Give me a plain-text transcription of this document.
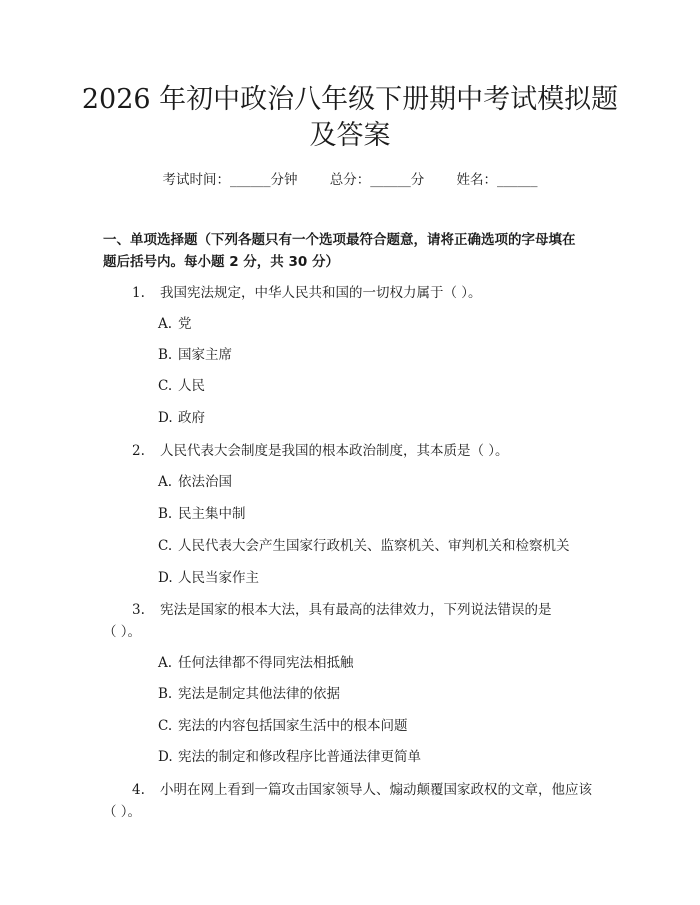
2026 年初中政治八年级下册期中考试模拟题
及答案
考试时间：______分钟 总分：______分 姓名：______
一、单项选择题（下列各题只有一个选项最符合题意，请将正确选项的字母填在
题后括号内。每小题 2 分，共 30 分）
1. 我国宪法规定，中华人民共和国的一切权力属于（ ）。
A. 党
B. 国家主席
C. 人民
D. 政府
2. 人民代表大会制度是我国的根本政治制度，其本质是（ ）。
A. 依法治国
B. 民主集中制
C. 人民代表大会产生国家行政机关、监察机关、审判机关和检察机关
D. 人民当家作主
3. 宪法是国家的根本大法，具有最高的法律效力，下列说法错误的是
（ ）。
A. 任何法律都不得同宪法相抵触
B. 宪法是制定其他法律的依据
C. 宪法的内容包括国家生活中的根本问题
D. 宪法的制定和修改程序比普通法律更简单
4. 小明在网上看到一篇攻击国家领导人、煽动颠覆国家政权的文章，他应该
（ ）。
